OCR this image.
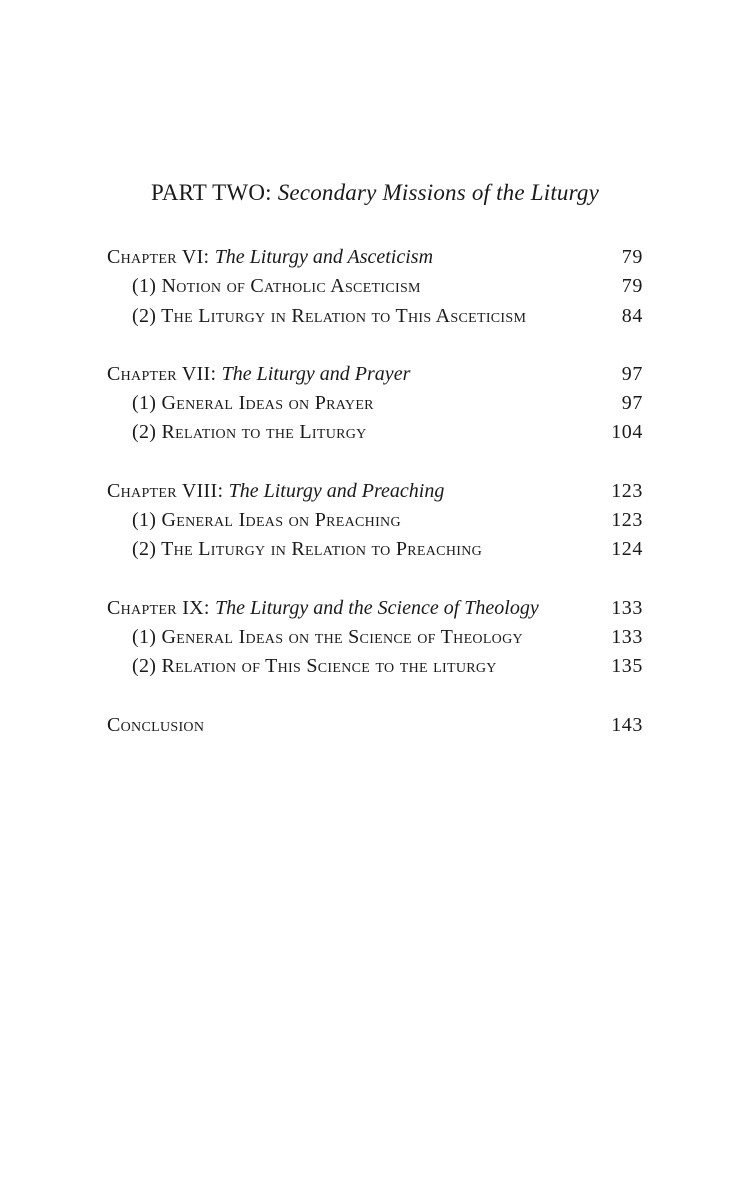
PART TWO: Secondary Missions of the Liturgy
Chapter VI: The Liturgy and Asceticism	79
(1) Notion of Catholic Asceticism	79
(2) The Liturgy in Relation to This Asceticism	84
Chapter VII: The Liturgy and Prayer	97
(1) General Ideas on Prayer	97
(2) Relation to the Liturgy	104
Chapter VIII: The Liturgy and Preaching	123
(1) General Ideas on Preaching	123
(2) The Liturgy in Relation to Preaching	124
Chapter IX: The Liturgy and the Science of Theology	133
(1) General Ideas on the Science of Theology	133
(2) Relation of This Science to the liturgy	135
Conclusion	143
